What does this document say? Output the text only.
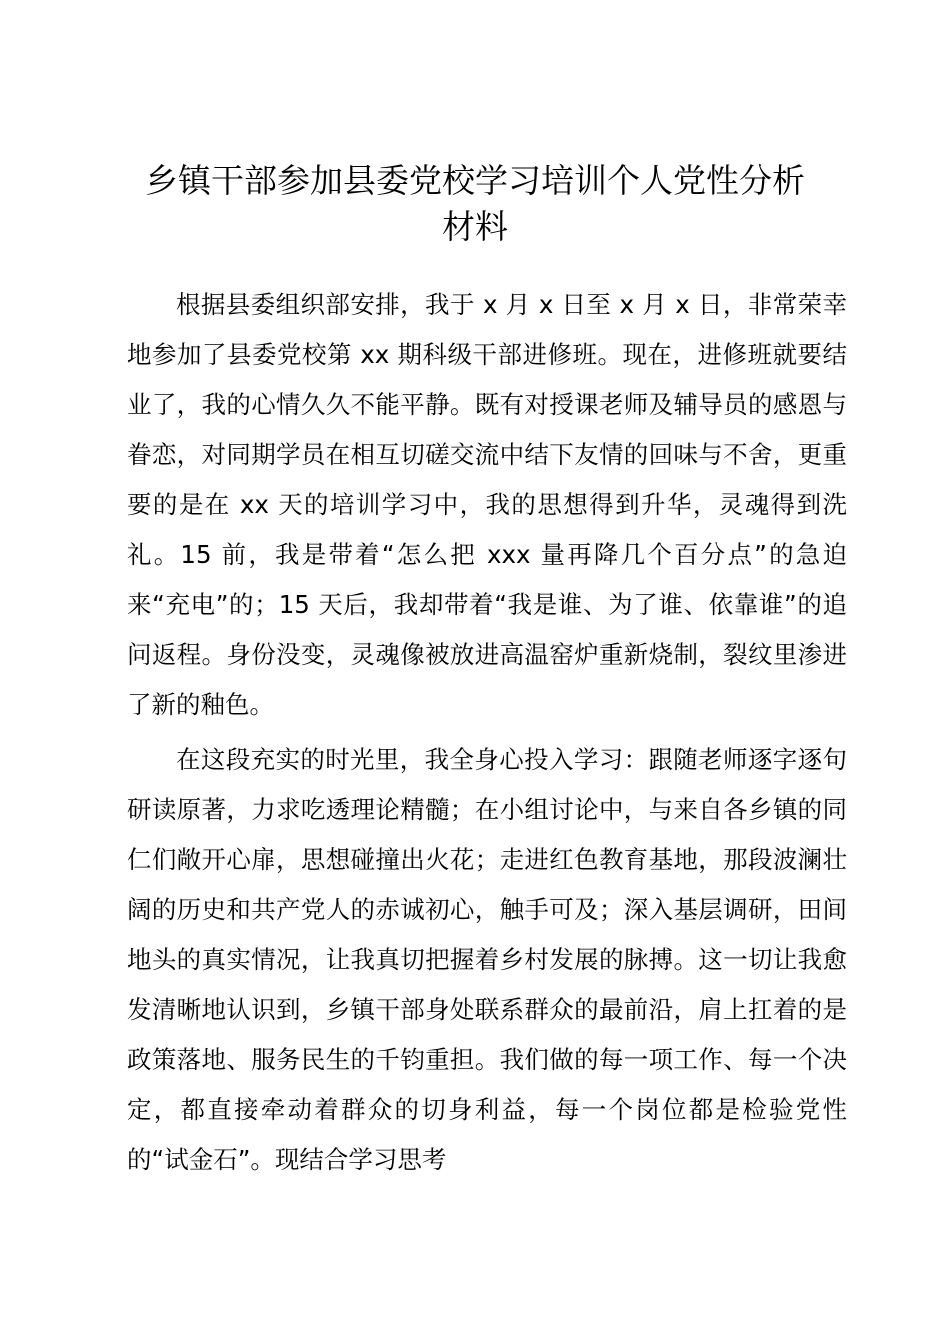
乡镇干部参加县委党校学习培训个人党性分析
材料

根据县委组织部安排，我于 x 月 x 日至 x 月 x 日，非常荣幸地参加了县委党校第 xx 期科级干部进修班。现在，进修班就要结业了，我的心情久久不能平静。既有对授课老师及辅导员的感恩与眷恋，对同期学员在相互切磋交流中结下友情的回味与不舍，更重要的是在 xx 天的培训学习中，我的思想得到升华，灵魂得到洗礼。15 前，我是带着“怎么把 xxx 量再降几个百分点”的急迫来“充电”的；15 天后，我却带着“我是谁、为了谁、依靠谁”的追问返程。身份没变，灵魂像被放进高温窑炉重新烧制，裂纹里渗进了新的釉色。

在这段充实的时光里，我全身心投入学习：跟随老师逐字逐句研读原著，力求吃透理论精髓；在小组讨论中，与来自各乡镇的同仁们敞开心扉，思想碰撞出火花；走进红色教育基地，那段波澜壮阔的历史和共产党人的赤诚初心，触手可及；深入基层调研，田间地头的真实情况，让我真切把握着乡村发展的脉搏。这一切让我愈发清晰地认识到，乡镇干部身处联系群众的最前沿，肩上扛着的是政策落地、服务民生的千钧重担。我们做的每一项工作、每一个决定，都直接牵动着群众的切身利益，每一个岗位都是检验党性的“试金石”。现结合学习思考
